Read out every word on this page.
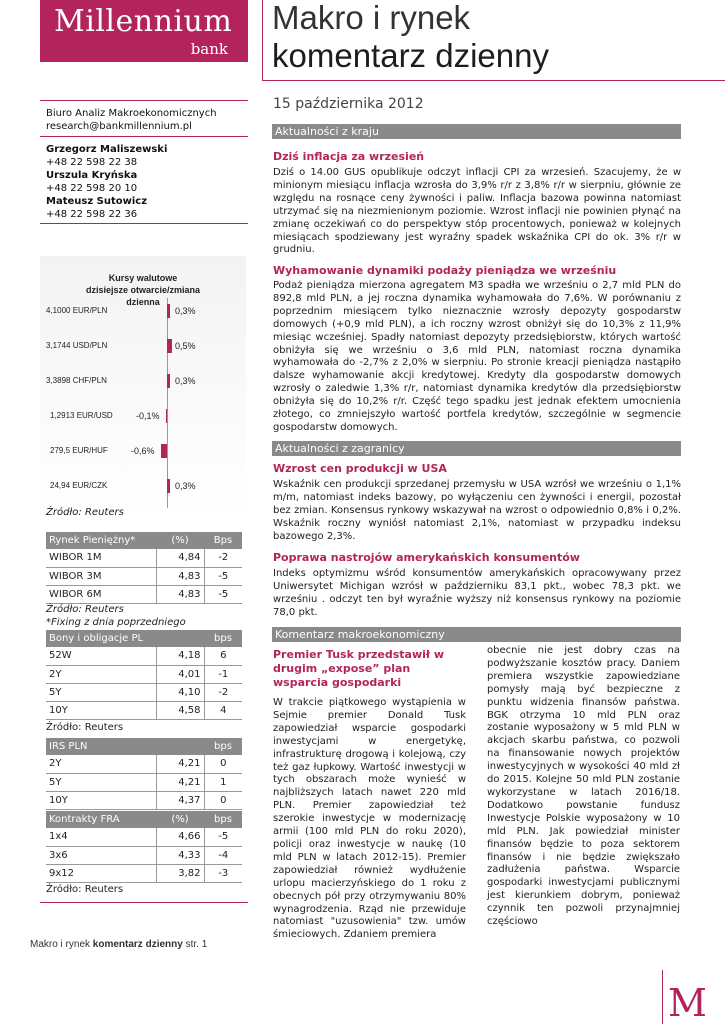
Millennium
bank
Makro i rynek
komentarz dzienny
Biuro Analiz Makroekonomicznych
research@bankmillennium.pl
Grzegorz Maliszewski
+48 22 598 22 38
Urszula Kryńska
+48 22 598 20 10
Mateusz Sutowicz
+48 22 598 22 36
Kursy walutowe
dzisiejsze otwarcie/zmiana
dzienna
4,1000 EUR/PLN	0,3%
3,1744 USD/PLN	0,5%
3,3898 CHF/PLN	0,3%
1,2913 EUR/USD	-0,1%
279,5 EUR/HUF	-0,6%
24,94 EUR/CZK	0,3%
Źródło: Reuters
Rynek Pieniężny*	(%)	Bps
WIBOR 1M	4,84	-2
WIBOR 3M	4,83	-5
WIBOR 6M	4,83	-5
Źródło: Reuters
*Fixing z dnia poprzedniego
Bony i obligacje PL		bps
52W	4,18	6
2Y	4,01	-1
5Y	4,10	-2
10Y	4,58	4
Źródło: Reuters
IRS PLN		bps
2Y	4,21	0
5Y	4,21	1
10Y	4,37	0
Kontrakty FRA	(%)	bps
1x4	4,66	-5
3x6	4,33	-4
9x12	3,82	-3
Źródło: Reuters
15 października 2012
Aktualności z kraju
Dziś inflacja za wrzesień
Dziś o 14.00 GUS opublikuje odczyt inflacji CPI za wrzesień. Szacujemy, że w minionym miesiącu inflacja wzrosła do 3,9% r/r z 3,8% r/r w sierpniu, głównie ze względu na rosnące ceny żywności i paliw. Inflacja bazowa powinna natomiast utrzymać się na niezmienionym poziomie. Wzrost inflacji nie powinien płynąć na zmianę oczekiwań co do perspektyw stóp procentowych, ponieważ w kolejnych miesiącach spodziewany jest wyraźny spadek wskaźnika CPI do ok. 3% r/r w grudniu.
Wyhamowanie dynamiki podaży pieniądza we wrześniu
Podaż pieniądza mierzona agregatem M3 spadła we wrześniu o 2,7 mld PLN do 892,8 mld PLN, a jej roczna dynamika wyhamowała do 7,6%. W porównaniu z poprzednim miesiącem tylko nieznacznie wzrosły depozyty gospodarstw domowych (+0,9 mld PLN), a ich roczny wzrost obniżył się do 10,3% z 11,9% miesiąc wcześniej. Spadły natomiast depozyty przedsiębiorstw, których wartość obniżyła się we wrześniu o 3,6 mld PLN, natomiast roczna dynamika wyhamowała do -2,7% z 2,0% w sierpniu. Po stronie kreacji pieniądza nastąpiło dalsze wyhamowanie akcji kredytowej. Kredyty dla gospodarstw domowych wzrosły o zaledwie 1,3% r/r, natomiast dynamika kredytów dla przedsiębiorstw obniżyła się do 10,2% r/r. Część tego spadku jest jednak efektem umocnienia złotego, co zmniejszyło wartość portfela kredytów, szczególnie w segmencie gospodarstw domowych.
Aktualności z zagranicy
Wzrost cen produkcji w USA
Wskaźnik cen produkcji sprzedanej przemysłu w USA wzrósł we wrześniu o 1,1% m/m, natomiast indeks bazowy, po wyłączeniu cen żywności i energii, pozostał bez zmian. Konsensus rynkowy wskazywał na wzrost o odpowiednio 0,8% i 0,2%. Wskaźnik roczny wyniósł natomiast 2,1%, natomiast w przypadku indeksu bazowego 2,3%.
Poprawa nastrojów amerykańskich konsumentów
Indeks optymizmu wśród konsumentów amerykańskich opracowywany przez Uniwersytet Michigan wzrósł w październiku 83,1 pkt., wobec 78,3 pkt. we wrześniu . odczyt ten był wyraźnie wyższy niż konsensus rynkowy na poziomie 78,0 pkt.
Komentarz makroekonomiczny
Premier Tusk przedstawił w drugim „expose” plan wsparcia gospodarki
W trakcie piątkowego wystąpienia w Sejmie premier Donald Tusk zapowiedział wsparcie gospodarki inwestycjami w energetykę, infrastrukturę drogową i kolejową, czy też gaz łupkowy. Wartość inwestycji w tych obszarach może wynieść w najbliższych latach nawet 220 mld PLN. Premier zapowiedział też szerokie inwestycje w modernizację armii (100 mld PLN do roku 2020), policji oraz inwestycje w naukę (10 mld PLN w latach 2012-15). Premier zapowiedział również wydłużenie urlopu macierzyńskiego do 1 roku z obecnych pół przy otrzymywaniu 80% wynagrodzenia. Rząd nie przewiduje natomiast "uzusowienia" tzw. umów śmieciowych. Zdaniem premiera
obecnie nie jest dobry czas na podwyższanie kosztów pracy. Daniem premiera wszystkie zapowiedziane pomysły mają być bezpieczne z punktu widzenia finansów państwa. BGK otrzyma 10 mld PLN oraz zostanie wyposażony w 5 mld PLN w akcjach skarbu państwa, co pozwoli na finansowanie nowych projektów inwestycyjnych w wysokości 40 mld zł do 2015. Kolejne 50 mld PLN zostanie wykorzystane w latach 2016/18. Dodatkowo powstanie fundusz Inwestycje Polskie wyposażony w 10 mld PLN. Jak powiedział minister finansów będzie to poza sektorem finansów i nie będzie zwiększało zadłużenia państwa. Wsparcie gospodarki inwestycjami publicznymi jest kierunkiem dobrym, ponieważ czynnik ten pozwoli przynajmniej częściowo
Makro i rynek komentarz dzienny str. 1
M
